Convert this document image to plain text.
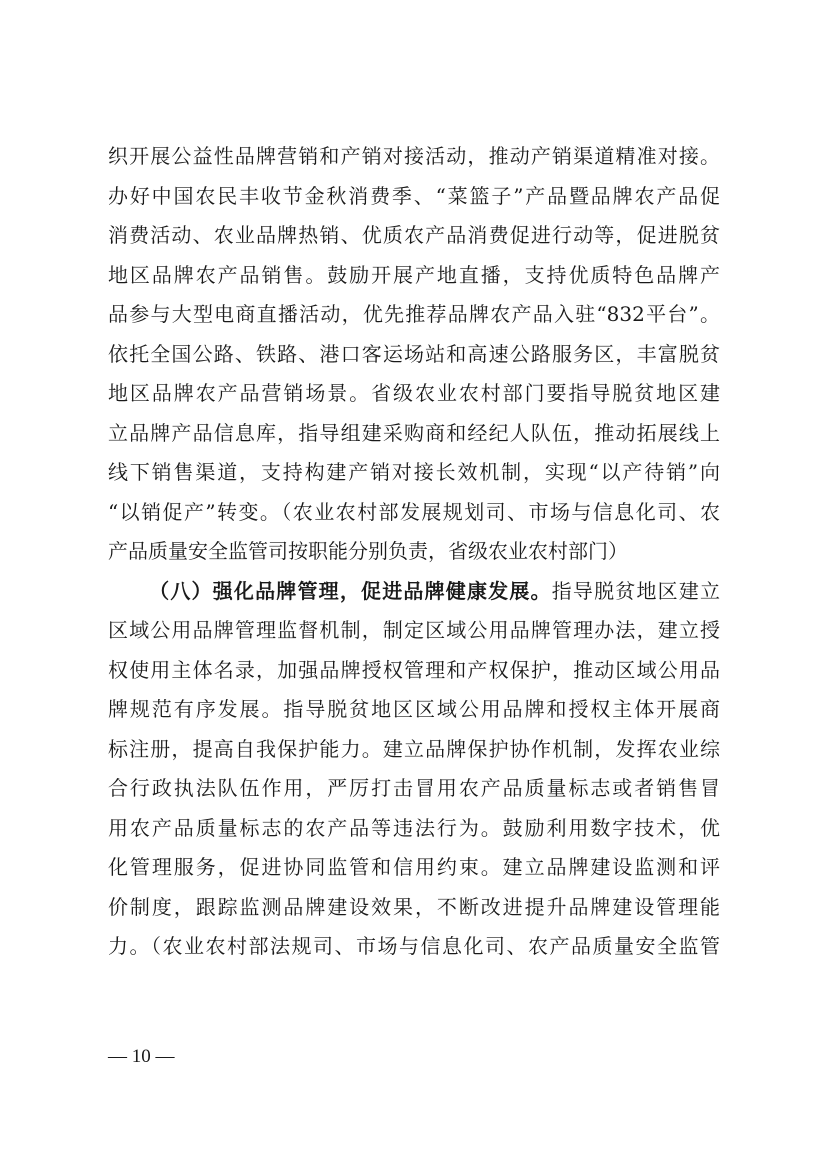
织开展公益性品牌营销和产销对接活动，推动产销渠道精准对接。
办好中国农民丰收节金秋消费季、“菜篮子”产品暨品牌农产品促
消费活动、农业品牌热销、优质农产品消费促进行动等，促进脱贫
地区品牌农产品销售。鼓励开展产地直播，支持优质特色品牌产
品参与大型电商直播活动，优先推荐品牌农产品入驻“832平台”。
依托全国公路、铁路、港口客运场站和高速公路服务区，丰富脱贫
地区品牌农产品营销场景。省级农业农村部门要指导脱贫地区建
立品牌产品信息库，指导组建采购商和经纪人队伍，推动拓展线上
线下销售渠道，支持构建产销对接长效机制，实现“以产待销”向
“以销促产”转变。（农业农村部发展规划司、市场与信息化司、农
产品质量安全监管司按职能分别负责，省级农业农村部门）
（八）强化品牌管理，促进品牌健康发展。指导脱贫地区建立
区域公用品牌管理监督机制，制定区域公用品牌管理办法，建立授
权使用主体名录，加强品牌授权管理和产权保护，推动区域公用品
牌规范有序发展。指导脱贫地区区域公用品牌和授权主体开展商
标注册，提高自我保护能力。建立品牌保护协作机制，发挥农业综
合行政执法队伍作用，严厉打击冒用农产品质量标志或者销售冒
用农产品质量标志的农产品等违法行为。鼓励利用数字技术，优
化管理服务，促进协同监管和信用约束。建立品牌建设监测和评
价制度，跟踪监测品牌建设效果，不断改进提升品牌建设管理能
力。（农业农村部法规司、市场与信息化司、农产品质量安全监管
— 10 —
